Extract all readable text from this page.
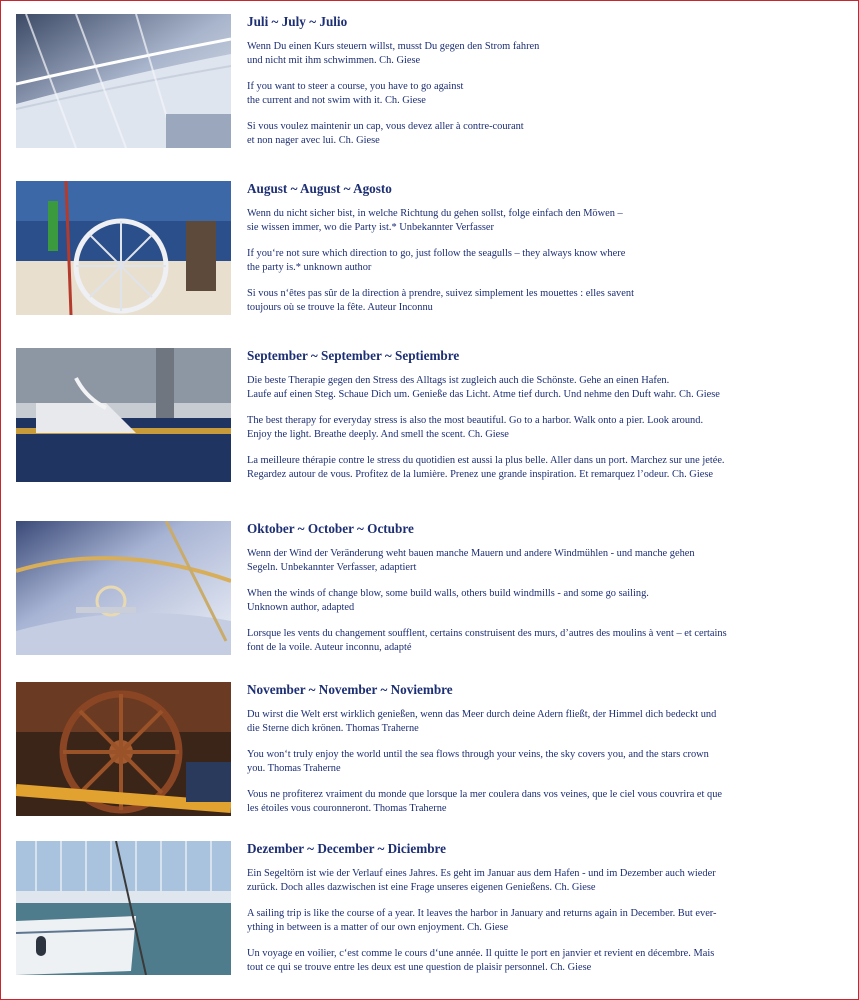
Juli ~ July ~ Julio
Wenn Du einen Kurs steuern willst, musst Du gegen den Strom fahren
und nicht mit ihm schwimmen. Ch. Giese
If you want to steer a course, you have to go against
the current and not swim with it. Ch. Giese
Si vous voulez maintenir un cap, vous devez aller à contre-courant
et non nager avec lui. Ch. Giese
August ~ August ~ Agosto
Wenn du nicht sicher bist, in welche Richtung du gehen sollst, folge einfach den Möwen –
sie wissen immer, wo die Party ist.* Unbekannter Verfasser
If you‘re not sure which direction to go, just follow the seagulls – they always know where
the party is.* unknown author
Si vous n‘êtes pas sûr de la direction à prendre, suivez simplement les mouettes : elles savent
toujours où se trouve la fête. Auteur Inconnu
September ~ September ~ Septiembre
Die beste Therapie gegen den Stress des Alltags ist zugleich auch die Schönste. Gehe an einen Hafen.
Laufe auf einen Steg. Schaue Dich um. Genieße das Licht. Atme tief durch. Und nehme den Duft wahr. Ch. Giese
The best therapy for everyday stress is also the most beautiful. Go to a harbor. Walk onto a pier. Look around.
Enjoy the light. Breathe deeply. And smell the scent. Ch. Giese
La meilleure thérapie contre le stress du quotidien est aussi la plus belle. Aller dans un port. Marchez sur une jetée.
Regardez autour de vous. Profitez de la lumière. Prenez une grande inspiration. Et remarquez l’odeur. Ch. Giese
Oktober ~ October ~ Octubre
Wenn der Wind der Veränderung weht bauen manche Mauern und andere Windmühlen - und manche gehen
Segeln. Unbekannter Verfasser, adaptiert
When the winds of change blow, some build walls, others build windmills - and some go sailing.
Unknown author, adapted
Lorsque les vents du changement soufflent, certains construisent des murs, d’autres des moulins à vent – et certains
font de la voile. Auteur inconnu, adapté
November ~ November ~ Noviembre
Du wirst die Welt erst wirklich genießen, wenn das Meer durch deine Adern fließt, der Himmel dich bedeckt und
die Sterne dich krönen. Thomas Traherne
You won‘t truly enjoy the world until the sea flows through your veins, the sky covers you, and the stars crown
you. Thomas Traherne
Vous ne profiterez vraiment du monde que lorsque la mer coulera dans vos veines, que le ciel vous couvrira et que
les étoiles vous couronneront. Thomas Traherne
Dezember ~ December ~ Diciembre
Ein Segeltörn ist wie der Verlauf eines Jahres. Es geht im Januar aus dem Hafen - und im Dezember auch wieder
zurück. Doch alles dazwischen ist eine Frage unseres eigenen Genießens. Ch. Giese
A sailing trip is like the course of a year. It leaves the harbor in January and returns again in December. But ever-
ything in between is a matter of our own enjoyment. Ch. Giese
Un voyage en voilier, c‘est comme le cours d‘une année. Il quitte le port en janvier et revient en décembre. Mais
tout ce qui se trouve entre les deux est une question de plaisir personnel. Ch. Giese
